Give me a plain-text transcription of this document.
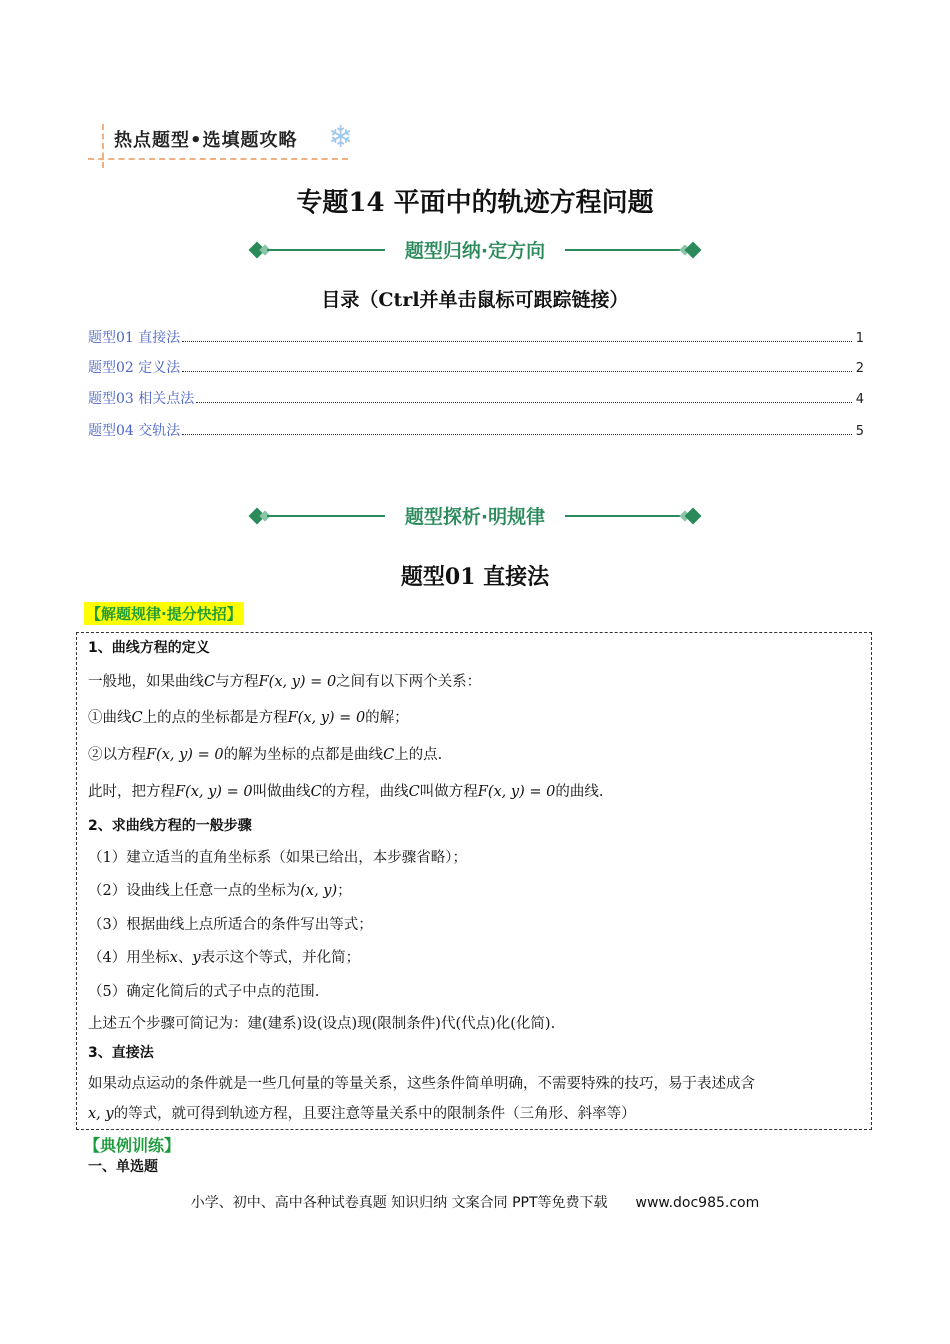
热点题型•选填题攻略 ❄
专题14 平面中的轨迹方程问题
题型归纳·定方向
目录（Ctrl并单击鼠标可跟踪链接）
题型01 直接法	1
题型02 定义法	2
题型03 相关点法	4
题型04 交轨法	5
题型探析·明规律
题型01 直接法
【解题规律·提分快招】
1、曲线方程的定义
一般地，如果曲线C与方程F(x, y) = 0之间有以下两个关系：
①曲线C上的点的坐标都是方程F(x, y) = 0的解；
②以方程F(x, y) = 0的解为坐标的点都是曲线C上的点.
此时，把方程F(x, y) = 0叫做曲线C的方程，曲线C叫做方程F(x, y) = 0的曲线.
2、求曲线方程的一般步骤
（1）建立适当的直角坐标系（如果已给出，本步骤省略）；
（2）设曲线上任意一点的坐标为(x, y)；
（3）根据曲线上点所适合的条件写出等式；
（4）用坐标x、y表示这个等式，并化简；
（5）确定化简后的式子中点的范围.
上述五个步骤可简记为：建(建系)设(设点)现(限制条件)代(代点)化(化简).
3、直接法
如果动点运动的条件就是一些几何量的等量关系，这些条件简单明确，不需要特殊的技巧，易于表述成含
x, y的等式，就可得到轨迹方程，且要注意等量关系中的限制条件（三角形、斜率等）
【典例训练】
一、单选题
小学、初中、高中各种试卷真题 知识归纳 文案合同 PPT等免费下载 www.doc985.com
